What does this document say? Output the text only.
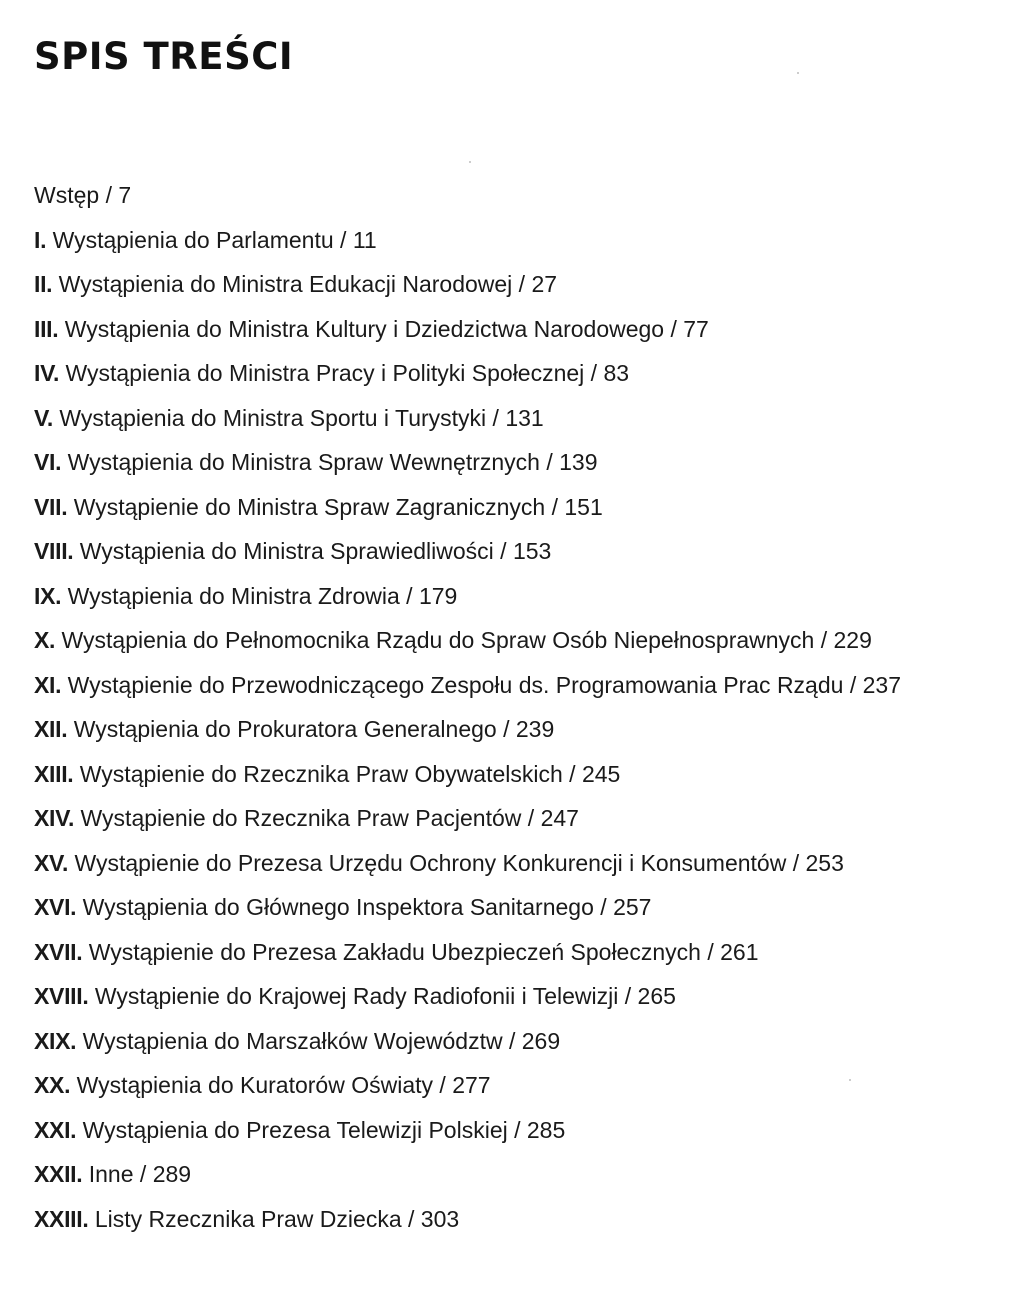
SPIS TREŚCI
Wstęp / 7
I. Wystąpienia do Parlamentu / 11
II. Wystąpienia do Ministra Edukacji Narodowej / 27
III. Wystąpienia do Ministra Kultury i Dziedzictwa Narodowego / 77
IV. Wystąpienia do Ministra Pracy i Polityki Społecznej / 83
V. Wystąpienia do Ministra Sportu i Turystyki / 131
VI. Wystąpienia do Ministra Spraw Wewnętrznych / 139
VII. Wystąpienie do Ministra Spraw Zagranicznych / 151
VIII. Wystąpienia do Ministra Sprawiedliwości / 153
IX. Wystąpienia do Ministra Zdrowia / 179
X. Wystąpienia do Pełnomocnika Rządu do Spraw Osób Niepełnosprawnych / 229
XI. Wystąpienie do Przewodniczącego Zespołu ds. Programowania Prac Rządu / 237
XII. Wystąpienia do Prokuratora Generalnego / 239
XIII. Wystąpienie do Rzecznika Praw Obywatelskich / 245
XIV. Wystąpienie do Rzecznika Praw Pacjentów / 247
XV. Wystąpienie do Prezesa Urzędu Ochrony Konkurencji i Konsumentów / 253
XVI. Wystąpienia do Głównego Inspektora Sanitarnego / 257
XVII. Wystąpienie do Prezesa Zakładu Ubezpieczeń Społecznych / 261
XVIII. Wystąpienie do Krajowej Rady Radiofonii i Telewizji / 265
XIX. Wystąpienia do Marszałków Województw / 269
XX. Wystąpienia do Kuratorów Oświaty / 277
XXI. Wystąpienia do Prezesa Telewizji Polskiej / 285
XXII. Inne / 289
XXIII. Listy Rzecznika Praw Dziecka / 303
